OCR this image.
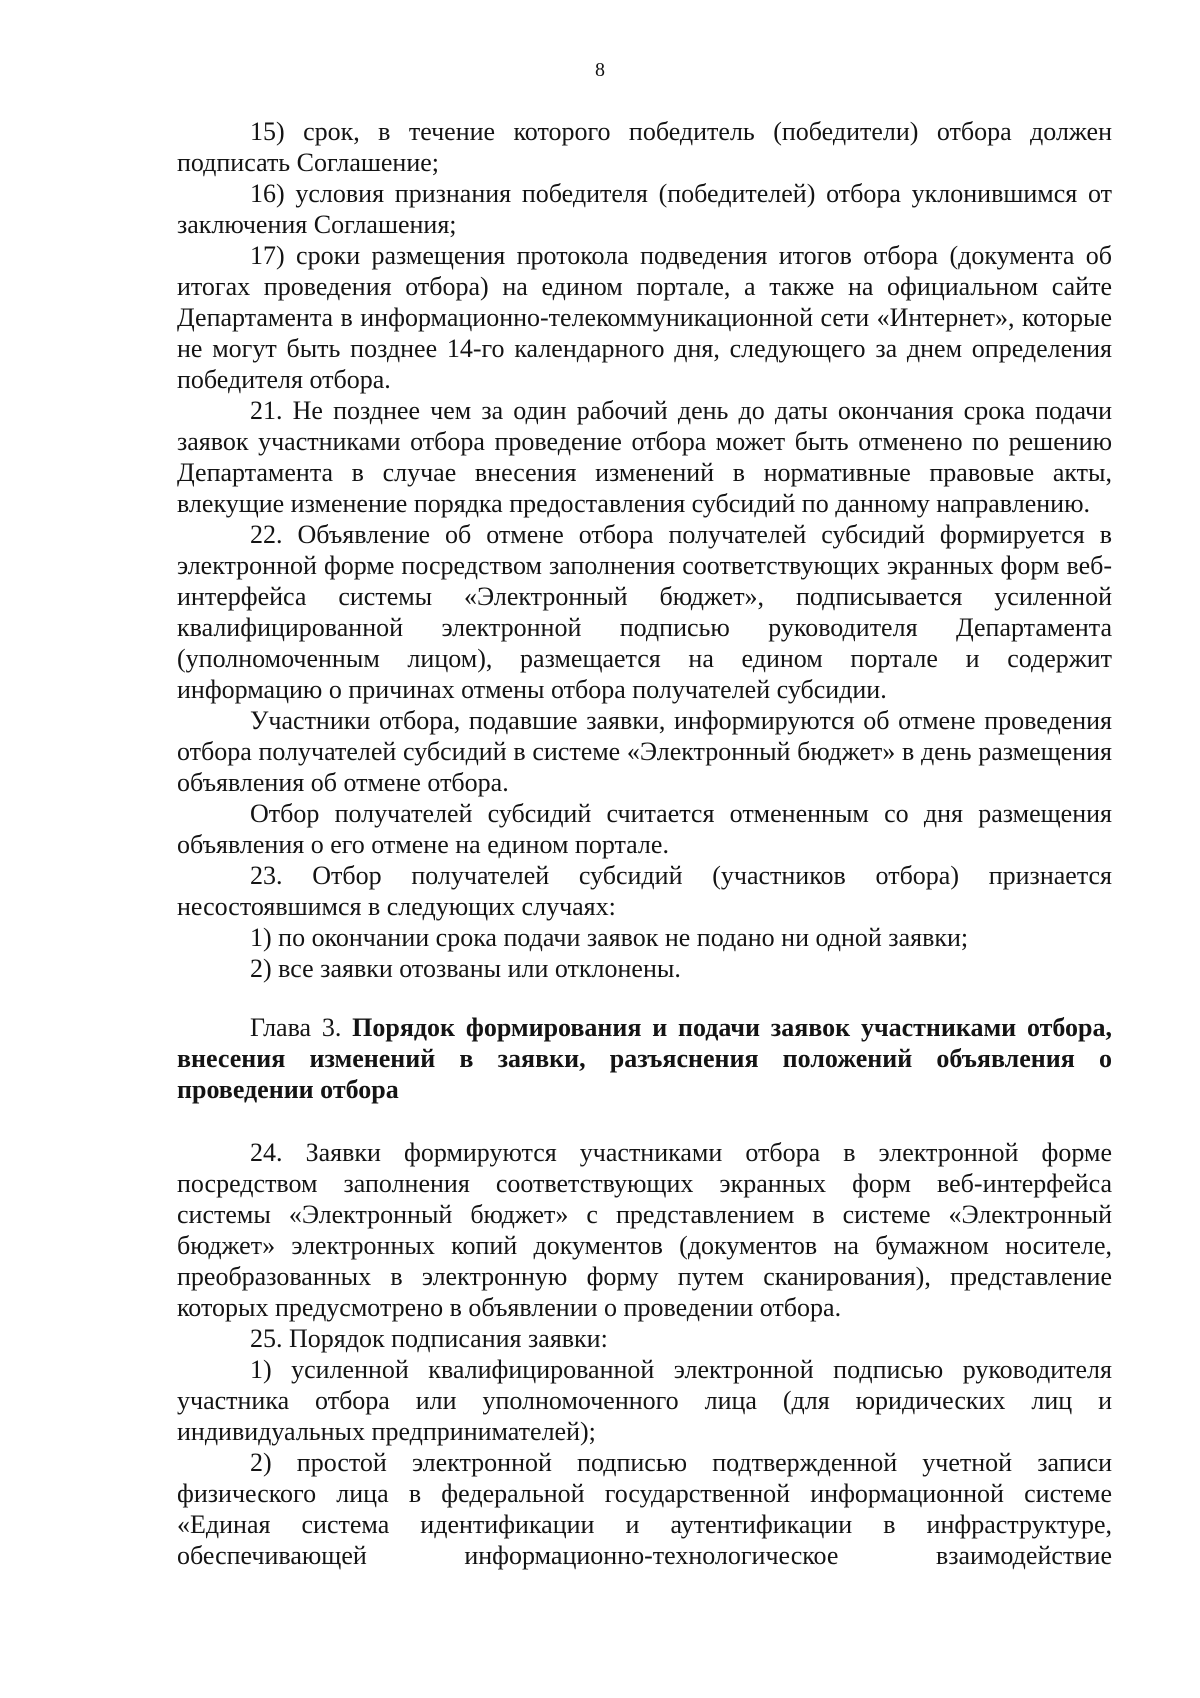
8

15) срок, в течение которого победитель (победители) отбора должен подписать Соглашение;

16) условия признания победителя (победителей) отбора уклонившимся от заключения Соглашения;

17) сроки размещения протокола подведения итогов отбора (документа об итогах проведения отбора) на едином портале, а также на официальном сайте Департамента в информационно-телекоммуникационной сети «Интернет», которые не могут быть позднее 14-го календарного дня, следующего за днем определения победителя отбора.

21. Не позднее чем за один рабочий день до даты окончания срока подачи заявок участниками отбора проведение отбора может быть отменено по решению Департамента в случае внесения изменений в нормативные правовые акты, влекущие изменение порядка предоставления субсидий по данному направлению.

22. Объявление об отмене отбора получателей субсидий формируется в электронной форме посредством заполнения соответствующих экранных форм веб-интерфейса системы «Электронный бюджет», подписывается усиленной квалифицированной электронной подписью руководителя Департамента (уполномоченным лицом), размещается на едином портале и содержит информацию о причинах отмены отбора получателей субсидии.

Участники отбора, подавшие заявки, информируются об отмене проведения отбора получателей субсидий в системе «Электронный бюджет» в день размещения объявления об отмене отбора.

Отбор получателей субсидий считается отмененным со дня размещения объявления о его отмене на едином портале.

23. Отбор получателей субсидий (участников отбора) признается несостоявшимся в следующих случаях:

1) по окончании срока подачи заявок не подано ни одной заявки;

2) все заявки отозваны или отклонены.

Глава 3. Порядок формирования и подачи заявок участниками отбора, внесения изменений в заявки, разъяснения положений объявления о проведении отбора

24. Заявки формируются участниками отбора в электронной форме посредством заполнения соответствующих экранных форм веб-интерфейса системы «Электронный бюджет» с представлением в системе «Электронный бюджет» электронных копий документов (документов на бумажном носителе, преобразованных в электронную форму путем сканирования), представление которых предусмотрено в объявлении о проведении отбора.

25. Порядок подписания заявки:

1) усиленной квалифицированной электронной подписью руководителя участника отбора или уполномоченного лица (для юридических лиц и индивидуальных предпринимателей);

2) простой электронной подписью подтвержденной учетной записи физического лица в федеральной государственной информационной системе «Единая система идентификации и аутентификации в инфраструктуре, обеспечивающей информационно-технологическое взаимодействие
